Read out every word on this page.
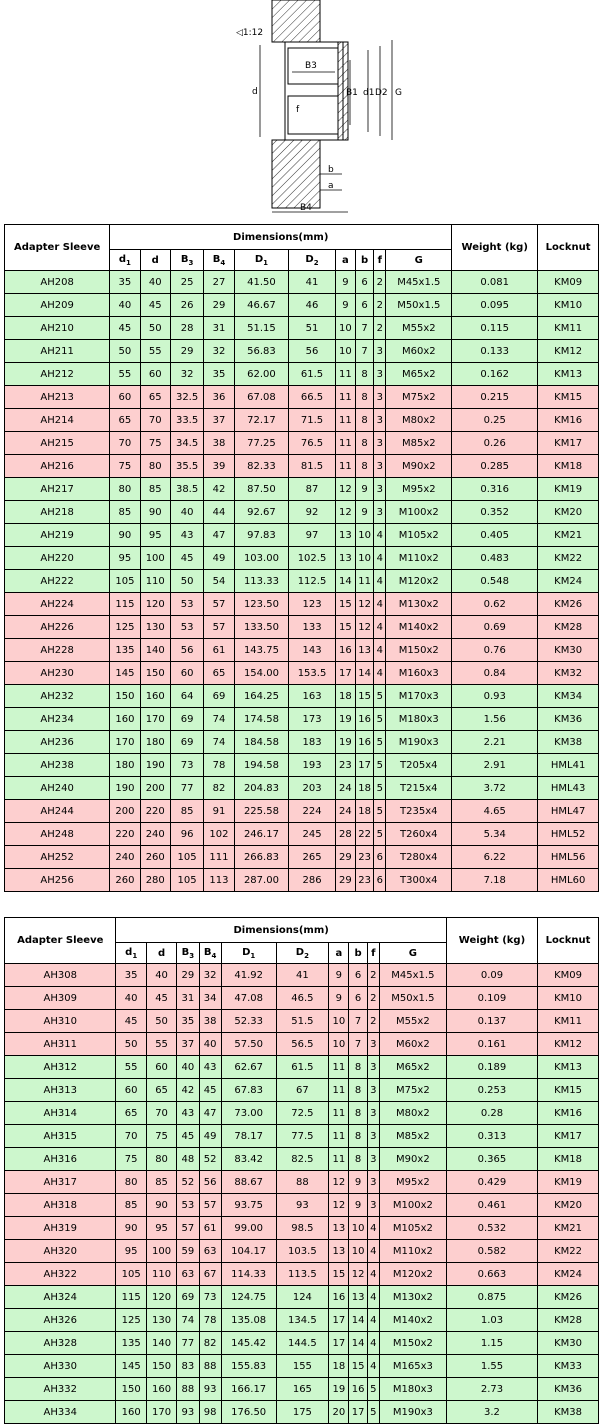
◁1:12
B3
d
f
B1 d1 D2 G
b
a
B4
Adapter Sleeve	Dimensions(mm)										Weight (kg)	Locknut
	$d_1$	d	$B_3$	$B_4$	$D_1$	$D_2$	a	b	f	G		
AH208	35	40	25	27	41.50	41	9	6	2	M45x1.5	0.081	KM09
AH209	40	45	26	29	46.67	46	9	6	2	M50x1.5	0.095	KM10
AH210	45	50	28	31	51.15	51	10	7	2	M55x2	0.115	KM11
AH211	50	55	29	32	56.83	56	10	7	3	M60x2	0.133	KM12
AH212	55	60	32	35	62.00	61.5	11	8	3	M65x2	0.162	KM13
AH213	60	65	32.5	36	67.08	66.5	11	8	3	M75x2	0.215	KM15
AH214	65	70	33.5	37	72.17	71.5	11	8	3	M80x2	0.25	KM16
AH215	70	75	34.5	38	77.25	76.5	11	8	3	M85x2	0.26	KM17
AH216	75	80	35.5	39	82.33	81.5	11	8	3	M90x2	0.285	KM18
AH217	80	85	38.5	42	87.50	87	12	9	3	M95x2	0.316	KM19
AH218	85	90	40	44	92.67	92	12	9	3	M100x2	0.352	KM20
AH219	90	95	43	47	97.83	97	13	10	4	M105x2	0.405	KM21
AH220	95	100	45	49	103.00	102.5	13	10	4	M110x2	0.483	KM22
AH222	105	110	50	54	113.33	112.5	14	11	4	M120x2	0.548	KM24
AH224	115	120	53	57	123.50	123	15	12	4	M130x2	0.62	KM26
AH226	125	130	53	57	133.50	133	15	12	4	M140x2	0.69	KM28
AH228	135	140	56	61	143.75	143	16	13	4	M150x2	0.76	KM30
AH230	145	150	60	65	154.00	153.5	17	14	4	M160x3	0.84	KM32
AH232	150	160	64	69	164.25	163	18	15	5	M170x3	0.93	KM34
AH234	160	170	69	74	174.58	173	19	16	5	M180x3	1.56	KM36
AH236	170	180	69	74	184.58	183	19	16	5	M190x3	2.21	KM38
AH238	180	190	73	78	194.58	193	23	17	5	T205x4	2.91	HML41
AH240	190	200	77	82	204.83	203	24	18	5	T215x4	3.72	HML43
AH244	200	220	85	91	225.58	224	24	18	5	T235x4	4.65	HML47
AH248	220	240	96	102	246.17	245	28	22	5	T260x4	5.34	HML52
AH252	240	260	105	111	266.83	265	29	23	6	T280x4	6.22	HML56
AH256	260	280	105	113	287.00	286	29	23	6	T300x4	7.18	HML60
Adapter Sleeve	Dimensions(mm)										Weight (kg)	Locknut
	$d_1$	d	$B_3$	$B_4$	$D_1$	$D_2$	a	b	f	G		
AH308	35	40	29	32	41.92	41	9	6	2	M45x1.5	0.09	KM09
AH309	40	45	31	34	47.08	46.5	9	6	2	M50x1.5	0.109	KM10
AH310	45	50	35	38	52.33	51.5	10	7	2	M55x2	0.137	KM11
AH311	50	55	37	40	57.50	56.5	10	7	3	M60x2	0.161	KM12
AH312	55	60	40	43	62.67	61.5	11	8	3	M65x2	0.189	KM13
AH313	60	65	42	45	67.83	67	11	8	3	M75x2	0.253	KM15
AH314	65	70	43	47	73.00	72.5	11	8	3	M80x2	0.28	KM16
AH315	70	75	45	49	78.17	77.5	11	8	3	M85x2	0.313	KM17
AH316	75	80	48	52	83.42	82.5	11	8	3	M90x2	0.365	KM18
AH317	80	85	52	56	88.67	88	12	9	3	M95x2	0.429	KM19
AH318	85	90	53	57	93.75	93	12	9	3	M100x2	0.461	KM20
AH319	90	95	57	61	99.00	98.5	13	10	4	M105x2	0.532	KM21
AH320	95	100	59	63	104.17	103.5	13	10	4	M110x2	0.582	KM22
AH322	105	110	63	67	114.33	113.5	15	12	4	M120x2	0.663	KM24
AH324	115	120	69	73	124.75	124	16	13	4	M130x2	0.875	KM26
AH326	125	130	74	78	135.08	134.5	17	14	4	M140x2	1.03	KM28
AH328	135	140	77	82	145.42	144.5	17	14	4	M150x2	1.15	KM30
AH330	145	150	83	88	155.83	155	18	15	4	M165x3	1.55	KM33
AH332	150	160	88	93	166.17	165	19	16	5	M180x3	2.73	KM36
AH334	160	170	93	98	176.50	175	20	17	5	M190x3	3.2	KM38
